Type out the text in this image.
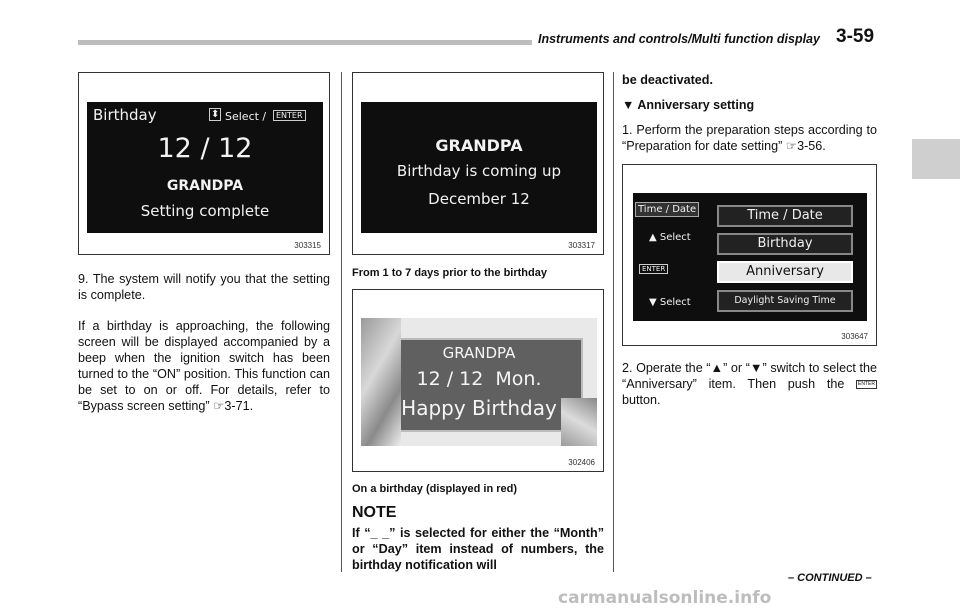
Instruments and controls/Multi function display 3-59
Birthday	⬍ Select /	ENTER
12 / 12
GRANDPA
Setting complete
303315

9. The system will notify you that the setting is complete.

If a birthday is approaching, the following screen will be displayed accompanied by a beep when the ignition switch has been turned to the “ON” position. This function can be set to on or off. For details, refer to “Bypass screen setting” ☞3-71.

GRANDPA
Birthday is coming up
December 12
303317

From 1 to 7 days prior to the birthday

GRANDPA
12 / 12  Mon.
Happy Birthday
302406

On a birthday (displayed in red)

NOTE

If “_ _” is selected for either the “Month” or “Day” item instead of numbers, the birthday notification will

be deactivated.

▼ Anniversary setting

1. Perform the preparation steps according to “Preparation for date setting” ☞3-56.

Time / Date
▲ Select
ENTER
▼ Select
Time / Date
Birthday
Anniversary
Daylight Saving Time
303647

2. Operate the “▲” or “▼” switch to select the “Anniversary” item. Then push the	ENTER button.

– CONTINUED –
carmanualsonline.info
